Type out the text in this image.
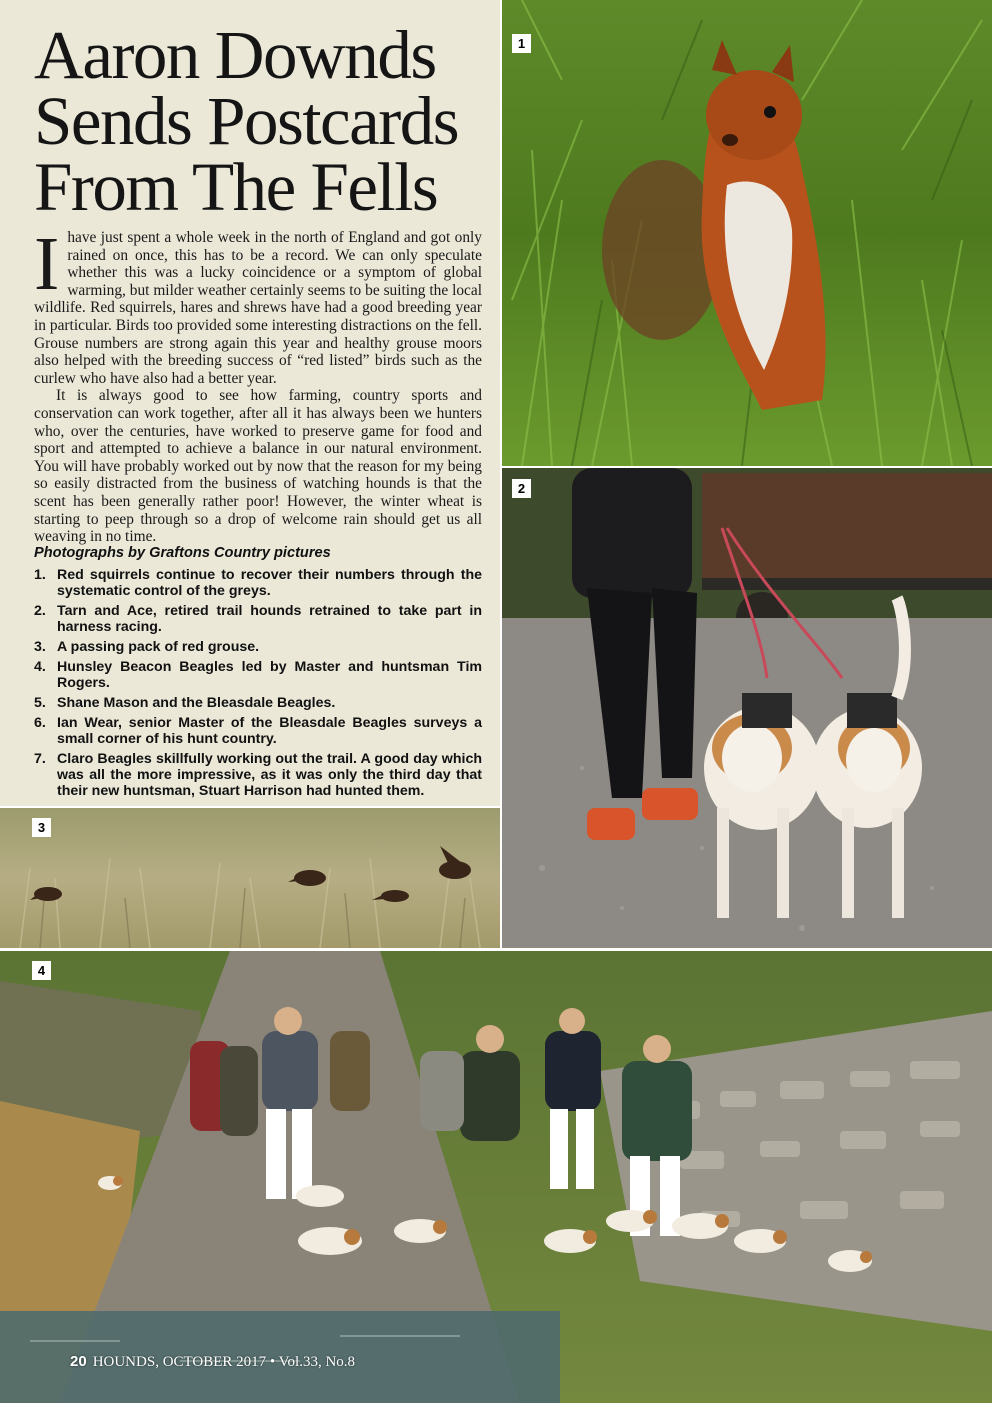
Aaron Downds
Sends Postcards
From The Fells

Ihave just spent a whole week in the north of England and got only rained on once, this has to be a record. We can only speculate whether this was a lucky coincidence or a symptom of global warming, but milder weather certainly seems to be suiting the local wildlife. Red squirrels, hares and shrews have had a good breeding year in particular. Birds too provided some interesting distractions on the fell. Grouse numbers are strong again this year and healthy grouse moors also helped with the breeding success of “red listed” birds such as the curlew who have also had a better year.

It is always good to see how farming, country sports and conservation can work together, after all it has always been we hunters who, over the centuries, have worked to preserve game for food and sport and attempted to achieve a balance in our natural environment. You will have probably worked out by now that the reason for my being so easily distracted from the business of watching hounds is that the scent has been generally rather poor! However, the winter wheat is starting to peep through so a drop of welcome rain should get us all weaving in no time.

Photographs by Graftons Country pictures
1. Red squirrels continue to recover their numbers through the systematic control of the greys.
2. Tarn and Ace, retired trail hounds retrained to take part in harness racing.
3. A passing pack of red grouse.
4. Hunsley Beacon Beagles led by Master and huntsman Tim Rogers.
5. Shane Mason and the Bleasdale Beagles.
6. Ian Wear, senior Master of the Bleasdale Beagles surveys a small corner of his hunt country.
7. Claro Beagles skillfully working out the trail. A good day which was all the more impressive, as it was only the third day that their new huntsman, Stuart Harrison had hunted them.
1
2
3
4
20 HOUNDS, OCTOBER 2017 • Vol.33, No.8
